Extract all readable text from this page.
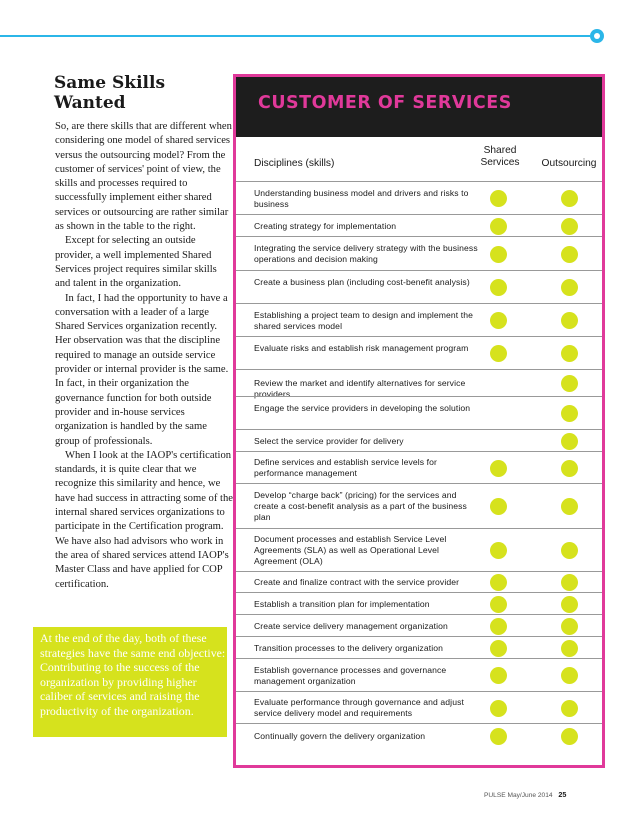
Same Skills
Wanted

So, are there skills that are different when considering one model of shared services versus the outsourcing model? From the customer of services' point of view, the skills and processes required to successfully implement either shared services or outsourcing are rather similar as shown in the table to the right.

Except for selecting an outside provider, a well implemented Shared Services project requires similar skills and talent in the organization.

In fact, I had the opportunity to have a conversation with a leader of a large Shared Services organization recently. Her observation was that the discipline required to manage an outside service provider or internal provider is the same. In fact, in their organization the governance function for both outside provider and in-house services organization is handled by the same group of professionals.

When I look at the IAOP's certification standards, it is quite clear that we recognize this similarity and hence, we have had success in attracting some of the internal shared services organizations to participate in the Certification program. We have also had advisors who work in the area of shared services attend IAOP's Master Class and have applied for COP certification.

At the end of the day, both of these strategies have the same end objective: Contributing to the success of the organization by providing higher caliber of services and raising the productivity of the organization.
CUSTOMER OF SERVICES
Disciplines (skills)
Shared
Services	Outsourcing
Understanding business model and drivers and risks to business
Creating strategy for implementation
Integrating the service delivery strategy with the business operations and decision making
Create a business plan (including cost-benefit analysis)
Establishing a project team to design and implement the shared services model
Evaluate risks and establish risk management program
Review the market and identify alternatives for service providers
Engage the service providers in developing the solution
Select the service provider for delivery
Define services and establish service levels for performance management
Develop “charge back” (pricing) for the services and create a cost-benefit analysis as a part of the business plan
Document processes and establish Service Level Agreements (SLA) as well as Operational Level Agreement (OLA)
Create and finalize contract with the service provider
Establish a transition plan for implementation
Create service delivery management organization
Transition processes to the delivery organization
Establish governance processes and governance management organization
Evaluate performance through governance and adjust service delivery model and requirements
Continually govern the delivery organization
PULSE May/June 2014 25
